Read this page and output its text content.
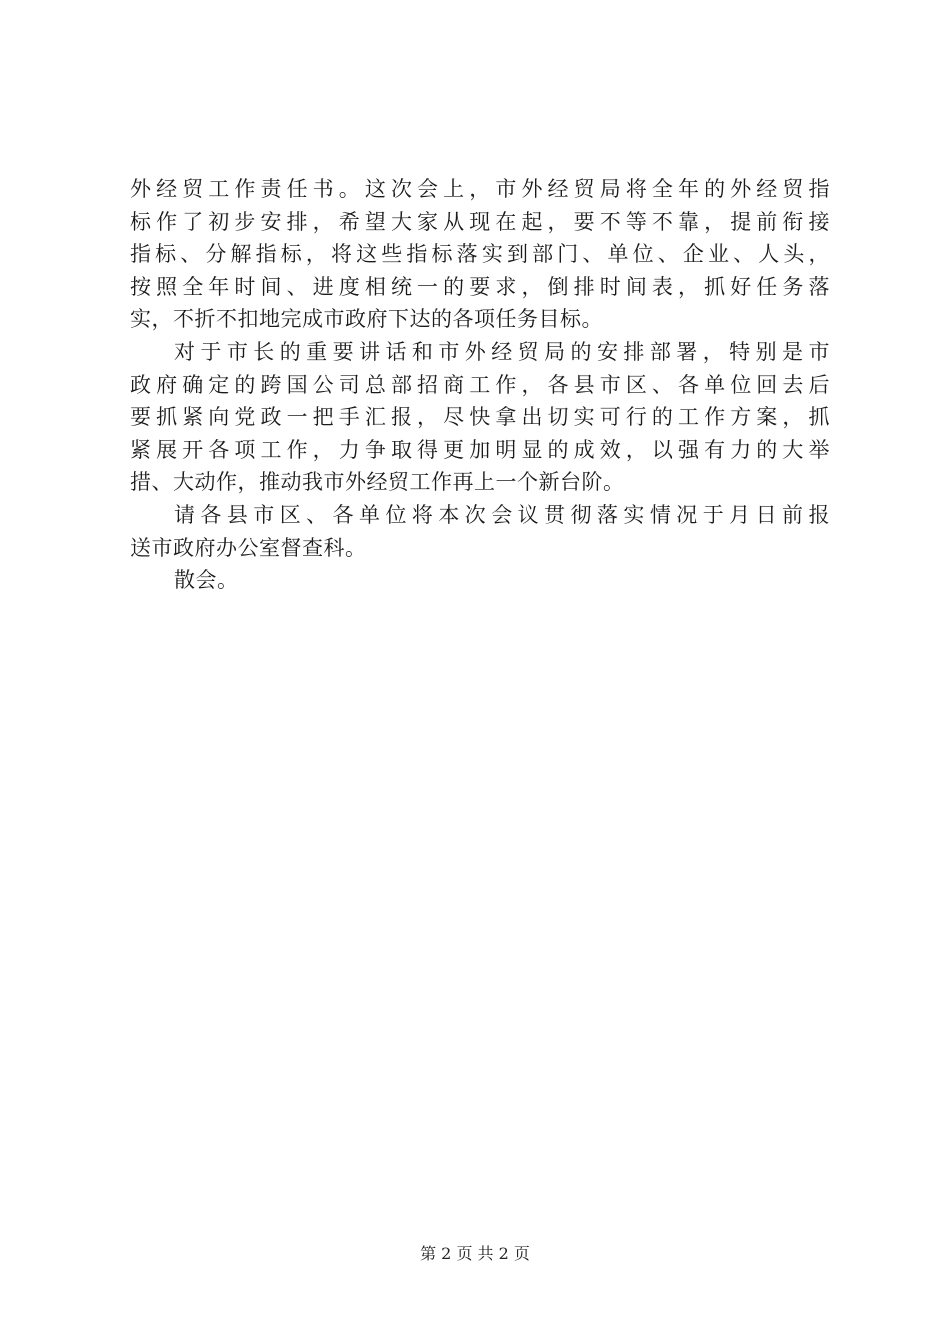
外经贸工作责任书。这次会上，市外经贸局将全年的外经贸指
标作了初步安排，希望大家从现在起，要不等不靠，提前衔接
指标、分解指标，将这些指标落实到部门、单位、企业、人头，
按照全年时间、进度相统一的要求，倒排时间表，抓好任务落
实，不折不扣地完成市政府下达的各项任务目标。
对于市长的重要讲话和市外经贸局的安排部署，特别是市
政府确定的跨国公司总部招商工作，各县市区、各单位回去后
要抓紧向党政一把手汇报，尽快拿出切实可行的工作方案，抓
紧展开各项工作，力争取得更加明显的成效，以强有力的大举
措、大动作，推动我市外经贸工作再上一个新台阶。
请各县市区、各单位将本次会议贯彻落实情况于月日前报
送市政府办公室督查科。
散会。
第 2 页 共 2 页
